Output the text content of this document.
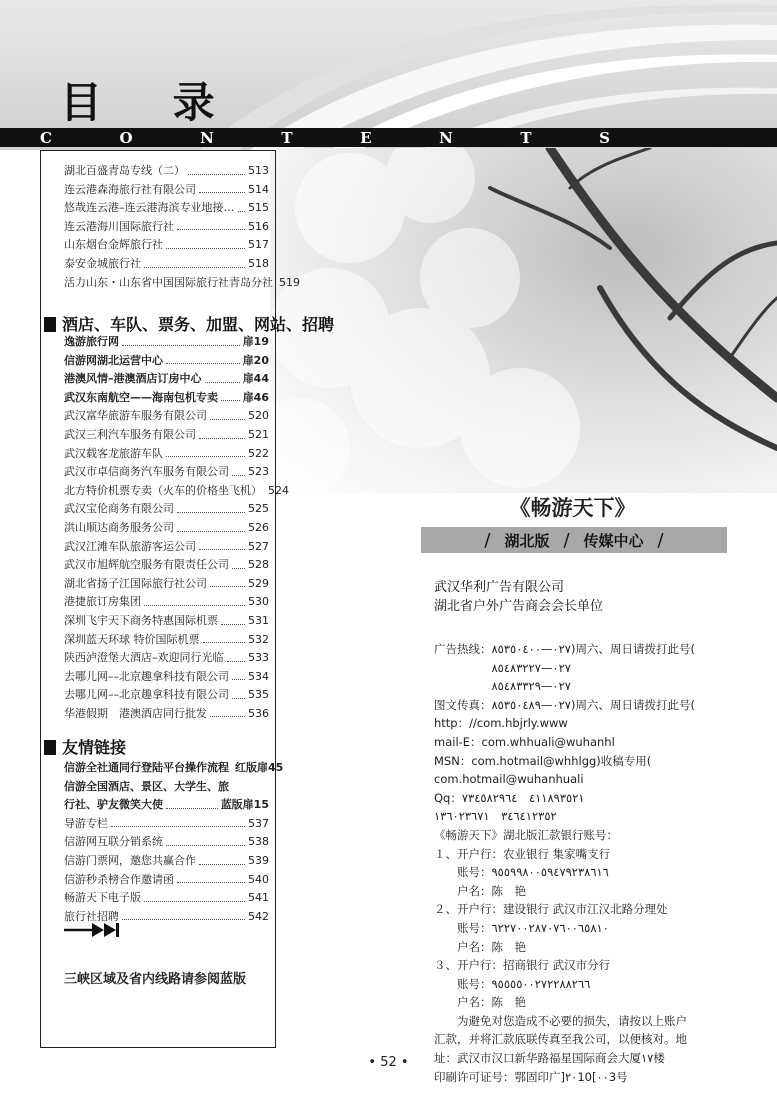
目 录
C	O	N	T	E	N	T	S
湖北百盛青岛专线（二）	513
连云港森海旅行社有限公司	514
悠哉连云港–连云港海滨专业地接… 515
连云港海川国际旅行社	516
山东烟台金辉旅行社	517
泰安金城旅行社	518
活力山东・山东省中国国际旅行社青岛分社 519
酒店、车队、票务、加盟、网站、招聘
逸游旅行网	扉19
信游网湖北运营中心	扉20
港澳风情–港澳酒店订房中心	扉44
武汉东南航空——海南包机专卖 扉46
武汉富华旅游车服务有限公司	520
武汉三利汽车服务有限公司	521
武汉载客龙旅游车队	522
武汉市卓信商务汽车服务有限公司 523
北方特价机票专卖（火车的价格坐飞机） 524
武汉宝伦商务有限公司	525
洪山顺达商务服务公司	526
武汉江滩车队旅游客运公司	527
武汉市旭辉航空服务有限责任公司 528
湖北省扬子江国际旅行社公司	529
港捷旅订房集团	530
深圳飞宇天下商务特惠国际机票	531
深圳蓝天环球 特价国际机票	532
陕西泸澄堡大酒店–欢迎同行光临 533
去哪儿网––北京趣拿科技有限公司 534
去哪儿网––北京趣拿科技有限公司 535
华港假期　港澳酒店同行批发	536
友情链接
信游全社通同行登陆平台操作流程 红版扉45
信游全国酒店、景区、大学生、旅
行社、驴友微笑大使	蓝版扉15
导游专栏	537
信游网互联分销系统	538
信游门票网，邀您共赢合作	539
信游秒杀榜合作邀请函	540
畅游天下电子版	541
旅行社招聘	542
三峡区域及省内线路请参阅蓝版
《畅游天下》
/ 湖北版 / 传媒中心 /
武汉华利广告有限公司
湖北省户外广告商会会长单位
广告热线：٠٢٧—٨٥٣٥٠٤٠٠)周六、周日请拨打此号(
　　　　　٠٢٧—٨٥٤٨٣٢٢٧
　　　　　٠٢٧—٨٥٤٨٣٣٢٩
图文传真：٠٢٧—٨٥٣٥٠٤٨٩)周六、周日请拨打此号(
http：//com.hbjrly.www
mail-E：com.whhuali@wuhanhl
MSN：com.hotmail@whhlgg)收稿专用(
com.hotmail@wuhanhuali
Qq：٤١١٨٩٣٥٢١　٧٣٤٥٨٢٩٦٤
٣٤٦٤١٢٣٥٢　١٣٦٠٢٣٦٧١
《畅游天下》湖北版汇款银行账号：
１、开户行：农业银行 集家嘴支行
　　账号：٩٥٥٩٩٨٠٠٥٩٤٧٩٢٣٨٦١٦
　　户名：陈　艳
２、开户行：建设银行 武汉市江汉北路分理处
　　账号：٦٢٢٧٠٠٢٨٧٠٧٦٠٠٦٥٨١٠
　　户名：陈　艳
３、开户行：招商银行 武汉市分行
　　账号：٩٥٥٥٥٠٠٢٧٢٢٨٨٢٦٦
　　户名：陈　艳
　　为避免对您造成不必要的损失，请按以上账户
汇款，并将汇款底联传真至我公司，以便核对。地
址：武汉市汉口新华路福星国际商会大厦١٧楼
印刷许可证号：鄂固印广]٢٠10[٠٠3号
• 52 •
